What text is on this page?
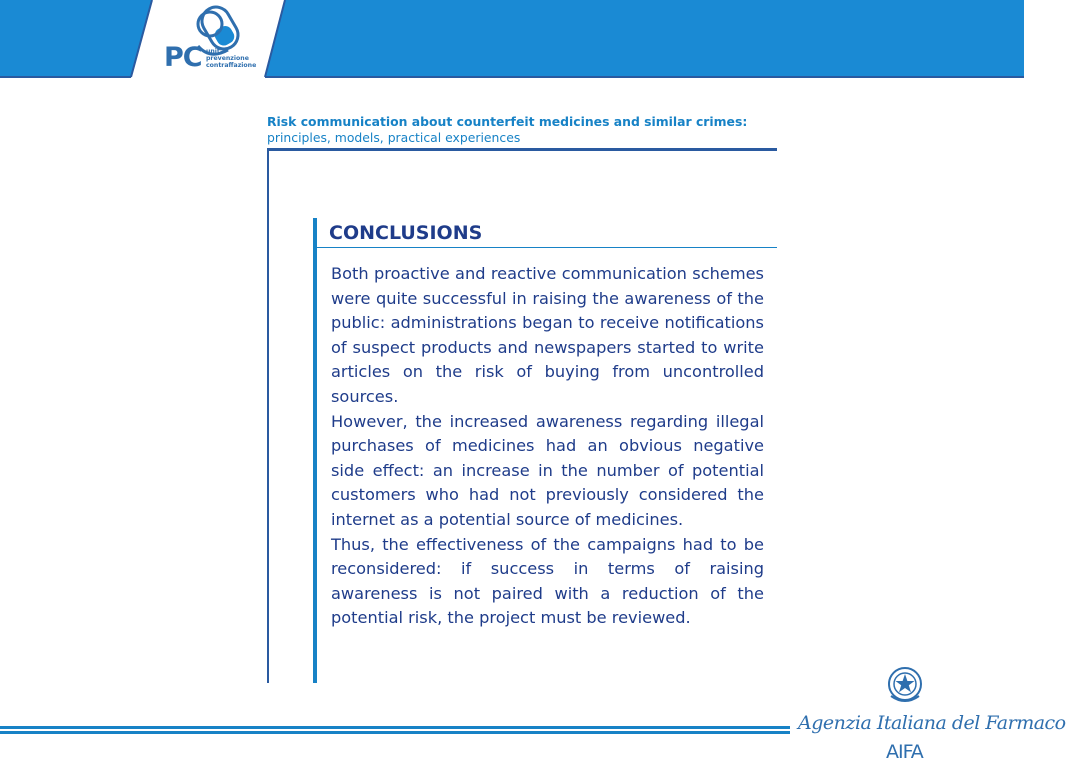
PC unità
prevenzione
contraffazione
Risk communication about counterfeit medicines and similar crimes:
principles, models, practical experiences
CONCLUSIONS

Both proactive and reactive communication schemes were quite successful in raising the awareness of the public: administrations began to receive notifications of suspect products and newspapers started to write articles on the risk of buying from uncontrolled sources.

However, the increased awareness regarding illegal purchases of medicines had an obvious negative side effect: an increase in the number of potential customers who had not previously considered the internet as a potential source of medicines.

Thus, the effectiveness of the campaigns had to be reconsidered: if success in terms of raising awareness is not paired with a reduction of the potential risk, the project must be reviewed.

Agenzia Italiana del Farmaco
AIFA
